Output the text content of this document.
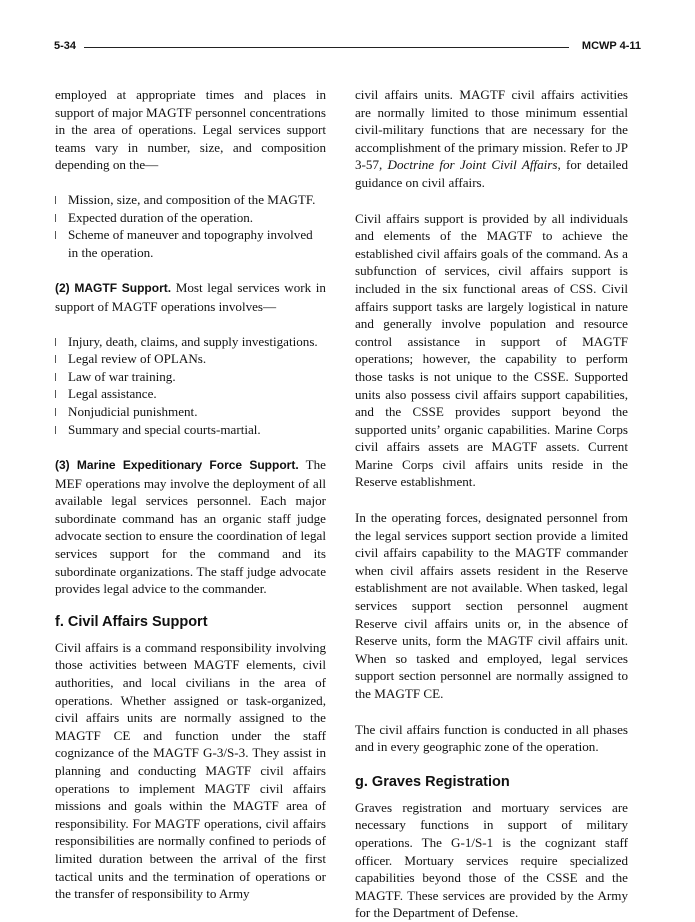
5-34	MCWP 4-11

employed at appropriate times and places in support of major MAGTF personnel concentrations in the area of operations. Legal services support teams vary in number, size, and composition depending on the—

Mission, size, and composition of the MAGTF.
Expected duration of the operation.
Scheme of maneuver and topography involved in the operation.

(2) MAGTF Support. Most legal services work in support of MAGTF operations involves—

Injury, death, claims, and supply investigations.
Legal review of OPLANs.
Law of war training.
Legal assistance.
Nonjudicial punishment.
Summary and special courts-martial.

(3) Marine Expeditionary Force Support. The MEF operations may involve the deployment of all available legal services personnel. Each major subordinate command has an organic staff judge advocate section to ensure the coordination of legal services support for the command and its subordinate organizations. The staff judge advocate provides legal advice to the commander.

f. Civil Affairs Support

Civil affairs is a command responsibility involving those activities between MAGTF elements, civil authorities, and local civilians in the area of operations. Whether assigned or task-organized, civil affairs units are normally assigned to the MAGTF CE and function under the staff cognizance of the MAGTF G-3/S-3. They assist in planning and conducting MAGTF civil affairs operations to implement MAGTF civil affairs missions and goals within the MAGTF area of responsibility. For MAGTF operations, civil affairs responsibilities are normally confined to periods of limited duration between the arrival of the first tactical units and the termination of operations or the transfer of responsibility to Army

civil affairs units. MAGTF civil affairs activities are normally limited to those minimum essential civil-military functions that are necessary for the accomplishment of the primary mission. Refer to JP 3-57, Doctrine for Joint Civil Affairs, for detailed guidance on civil affairs.

Civil affairs support is provided by all individuals and elements of the MAGTF to achieve the established civil affairs goals of the command. As a subfunction of services, civil affairs support is included in the six functional areas of CSS. Civil affairs support tasks are largely logistical in nature and generally involve population and resource control assistance in support of MAGTF operations; however, the capability to perform those tasks is not unique to the CSSE. Supported units also possess civil affairs support capabilities, and the CSSE provides support beyond the supported units’ organic capabilities. Marine Corps civil affairs assets are MAGTF assets. Current Marine Corps civil affairs units reside in the Reserve establishment.

In the operating forces, designated personnel from the legal services support section provide a limited civil affairs capability to the MAGTF commander when civil affairs assets resident in the Reserve establishment are not available. When tasked, legal services support section personnel augment Reserve civil affairs units or, in the absence of Reserve units, form the MAGTF civil affairs unit. When so tasked and employed, legal services support section personnel are normally assigned to the MAGTF CE.

The civil affairs function is conducted in all phases and in every geographic zone of the operation.

g. Graves Registration

Graves registration and mortuary services are necessary functions in support of military operations. The G-1/S-1 is the cognizant staff officer. Mortuary services require specialized capabilities beyond those of the CSSE and the MAGTF. These services are provided by the Army for the Department of Defense.
